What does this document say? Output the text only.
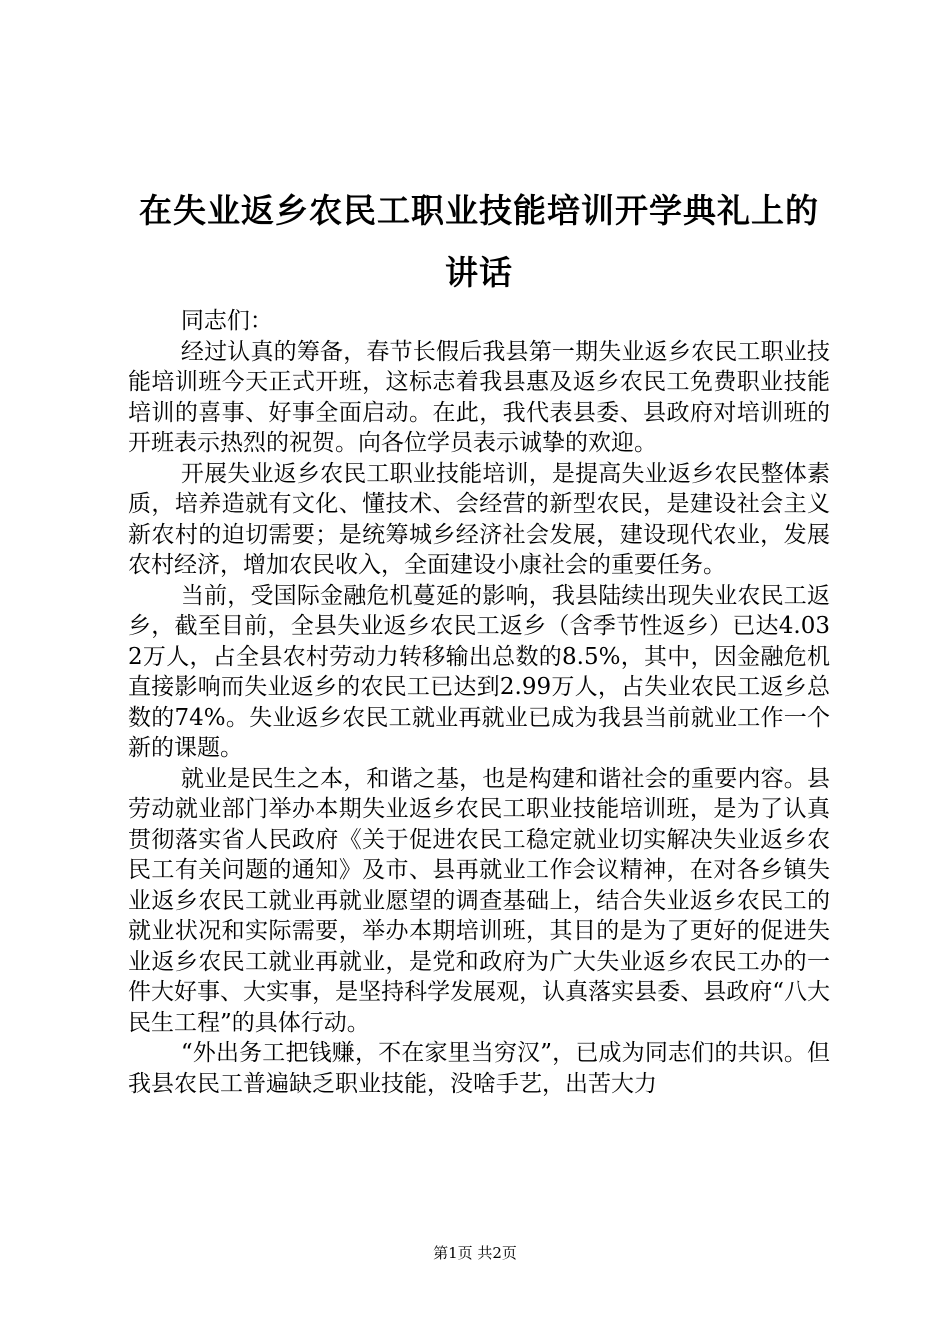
在失业返乡农民工职业技能培训开学典礼上的讲话

同志们：

经过认真的筹备，春节长假后我县第一期失业返乡农民工职业技能培训班今天正式开班，这标志着我县惠及返乡农民工免费职业技能培训的喜事、好事全面启动。在此，我代表县委、县政府对培训班的开班表示热烈的祝贺。向各位学员表示诚挚的欢迎。

开展失业返乡农民工职业技能培训，是提高失业返乡农民整体素质，培养造就有文化、懂技术、会经营的新型农民，是建设社会主义新农村的迫切需要；是统筹城乡经济社会发展，建设现代农业，发展农村经济，增加农民收入，全面建设小康社会的重要任务。

当前，受国际金融危机蔓延的影响，我县陆续出现失业农民工返乡，截至目前，全县失业返乡农民工返乡（含季节性返乡）已达4.032万人，占全县农村劳动力转移输出总数的8.5%，其中，因金融危机直接影响而失业返乡的农民工已达到2.99万人，占失业农民工返乡总数的74%。失业返乡农民工就业再就业已成为我县当前就业工作一个新的课题。

就业是民生之本，和谐之基，也是构建和谐社会的重要内容。县劳动就业部门举办本期失业返乡农民工职业技能培训班，是为了认真贯彻落实省人民政府《关于促进农民工稳定就业切实解决失业返乡农民工有关问题的通知》及市、县再就业工作会议精神，在对各乡镇失业返乡农民工就业再就业愿望的调查基础上，结合失业返乡农民工的就业状况和实际需要，举办本期培训班，其目的是为了更好的促进失业返乡农民工就业再就业，是党和政府为广大失业返乡农民工办的一件大好事、大实事，是坚持科学发展观，认真落实县委、县政府“八大民生工程”的具体行动。

“外出务工把钱赚，不在家里当穷汉”，已成为同志们的共识。但我县农民工普遍缺乏职业技能，没啥手艺，出苦大力

第1页 共2页
